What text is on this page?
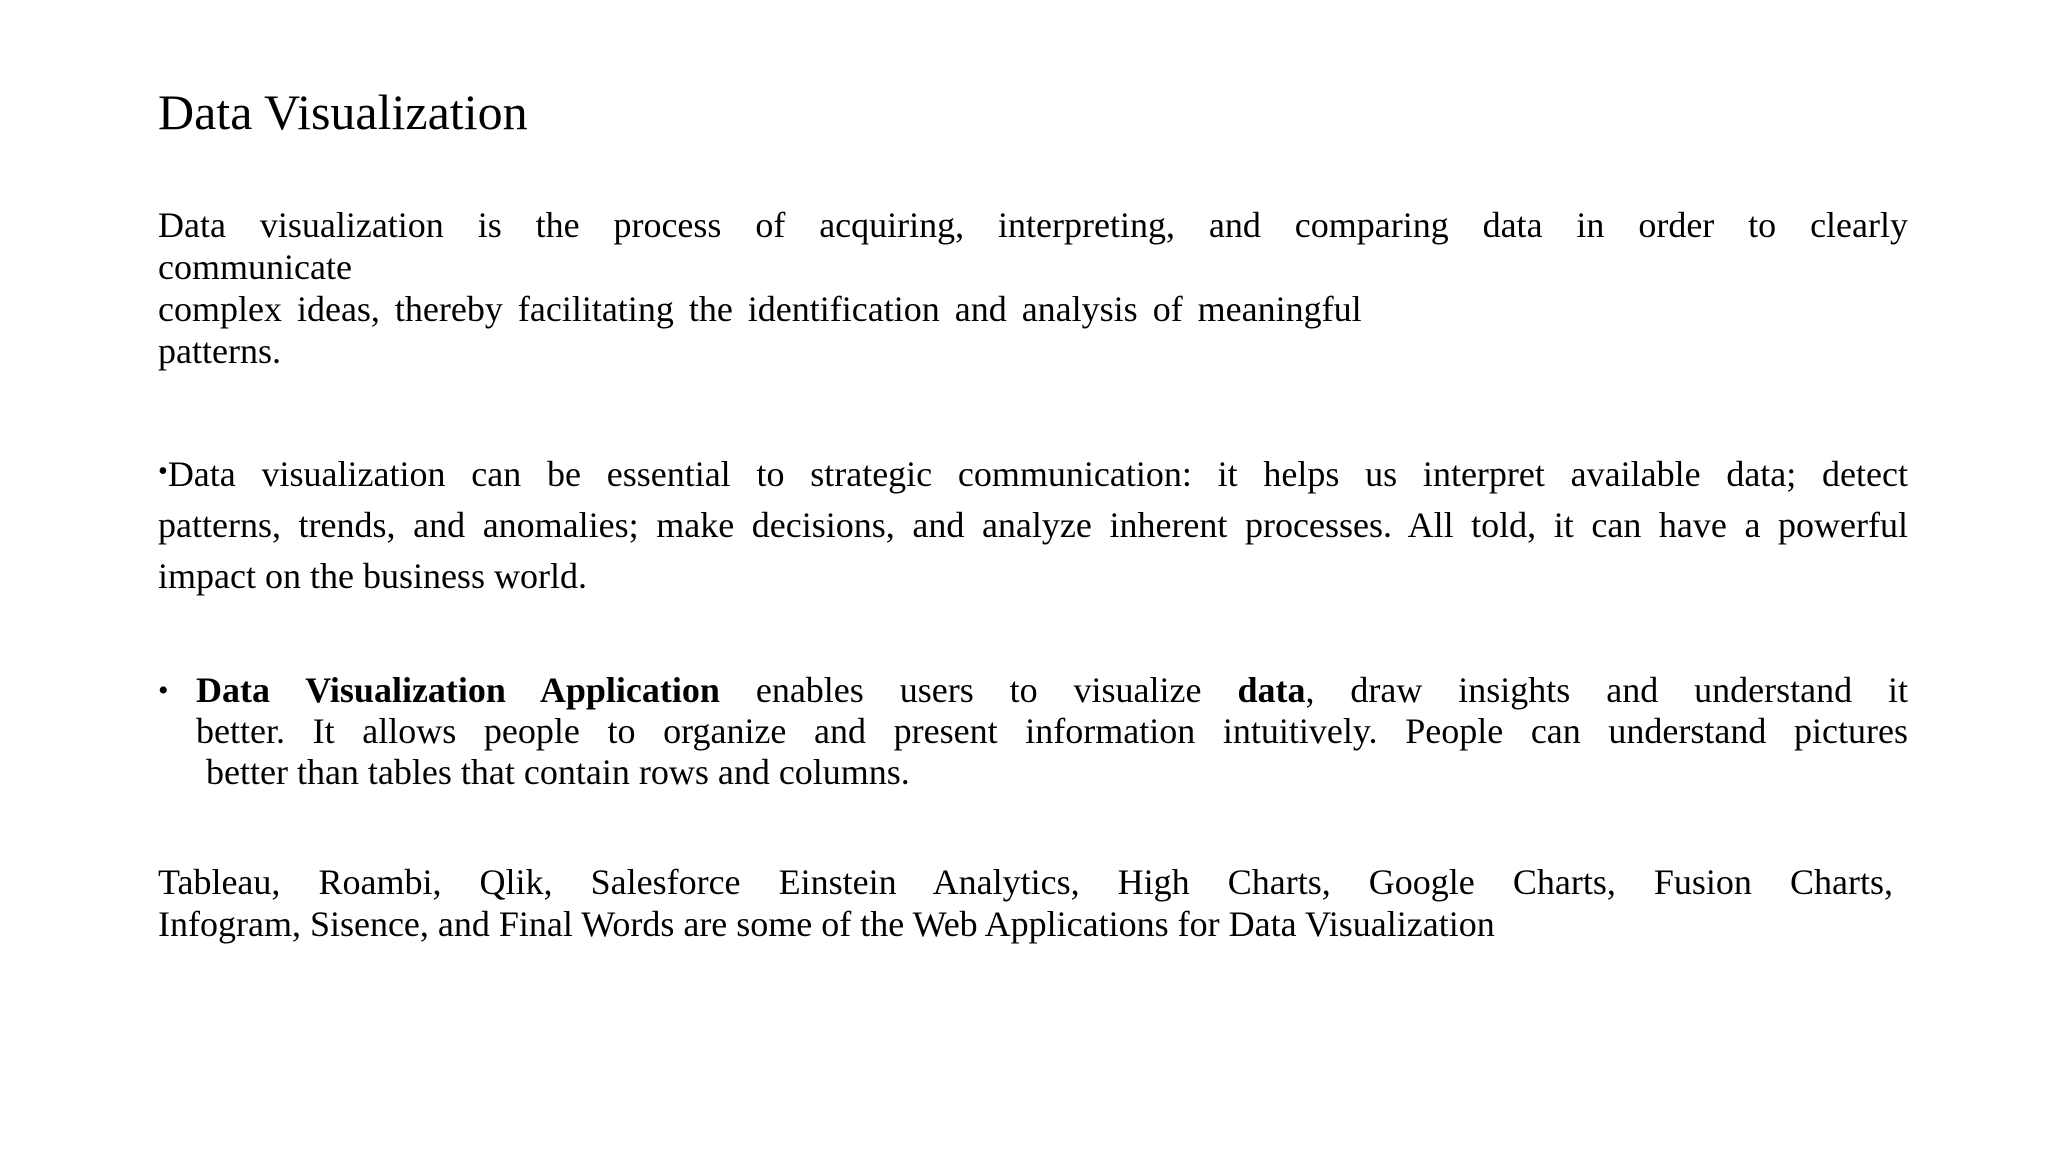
Data Visualization
Data visualization is the process of acquiring, interpreting, and comparing data in order to clearly
communicate
complex ideas, thereby facilitating the identification and analysis of meaningful
patterns.
•Data visualization can be essential to strategic communication: it helps us interpret available data; detect
patterns, trends, and anomalies; make decisions, and analyze inherent processes. All told, it can have a powerful
impact on the business world.
• Data Visualization Application enables users to visualize data, draw insights and understand it
better. It allows people to organize and present information intuitively. People can understand pictures
better than tables that contain rows and columns.
Tableau, Roambi, Qlik, Salesforce Einstein Analytics, High Charts, Google Charts, Fusion Charts,
Infogram, Sisence, and Final Words are some of the Web Applications for Data Visualization
